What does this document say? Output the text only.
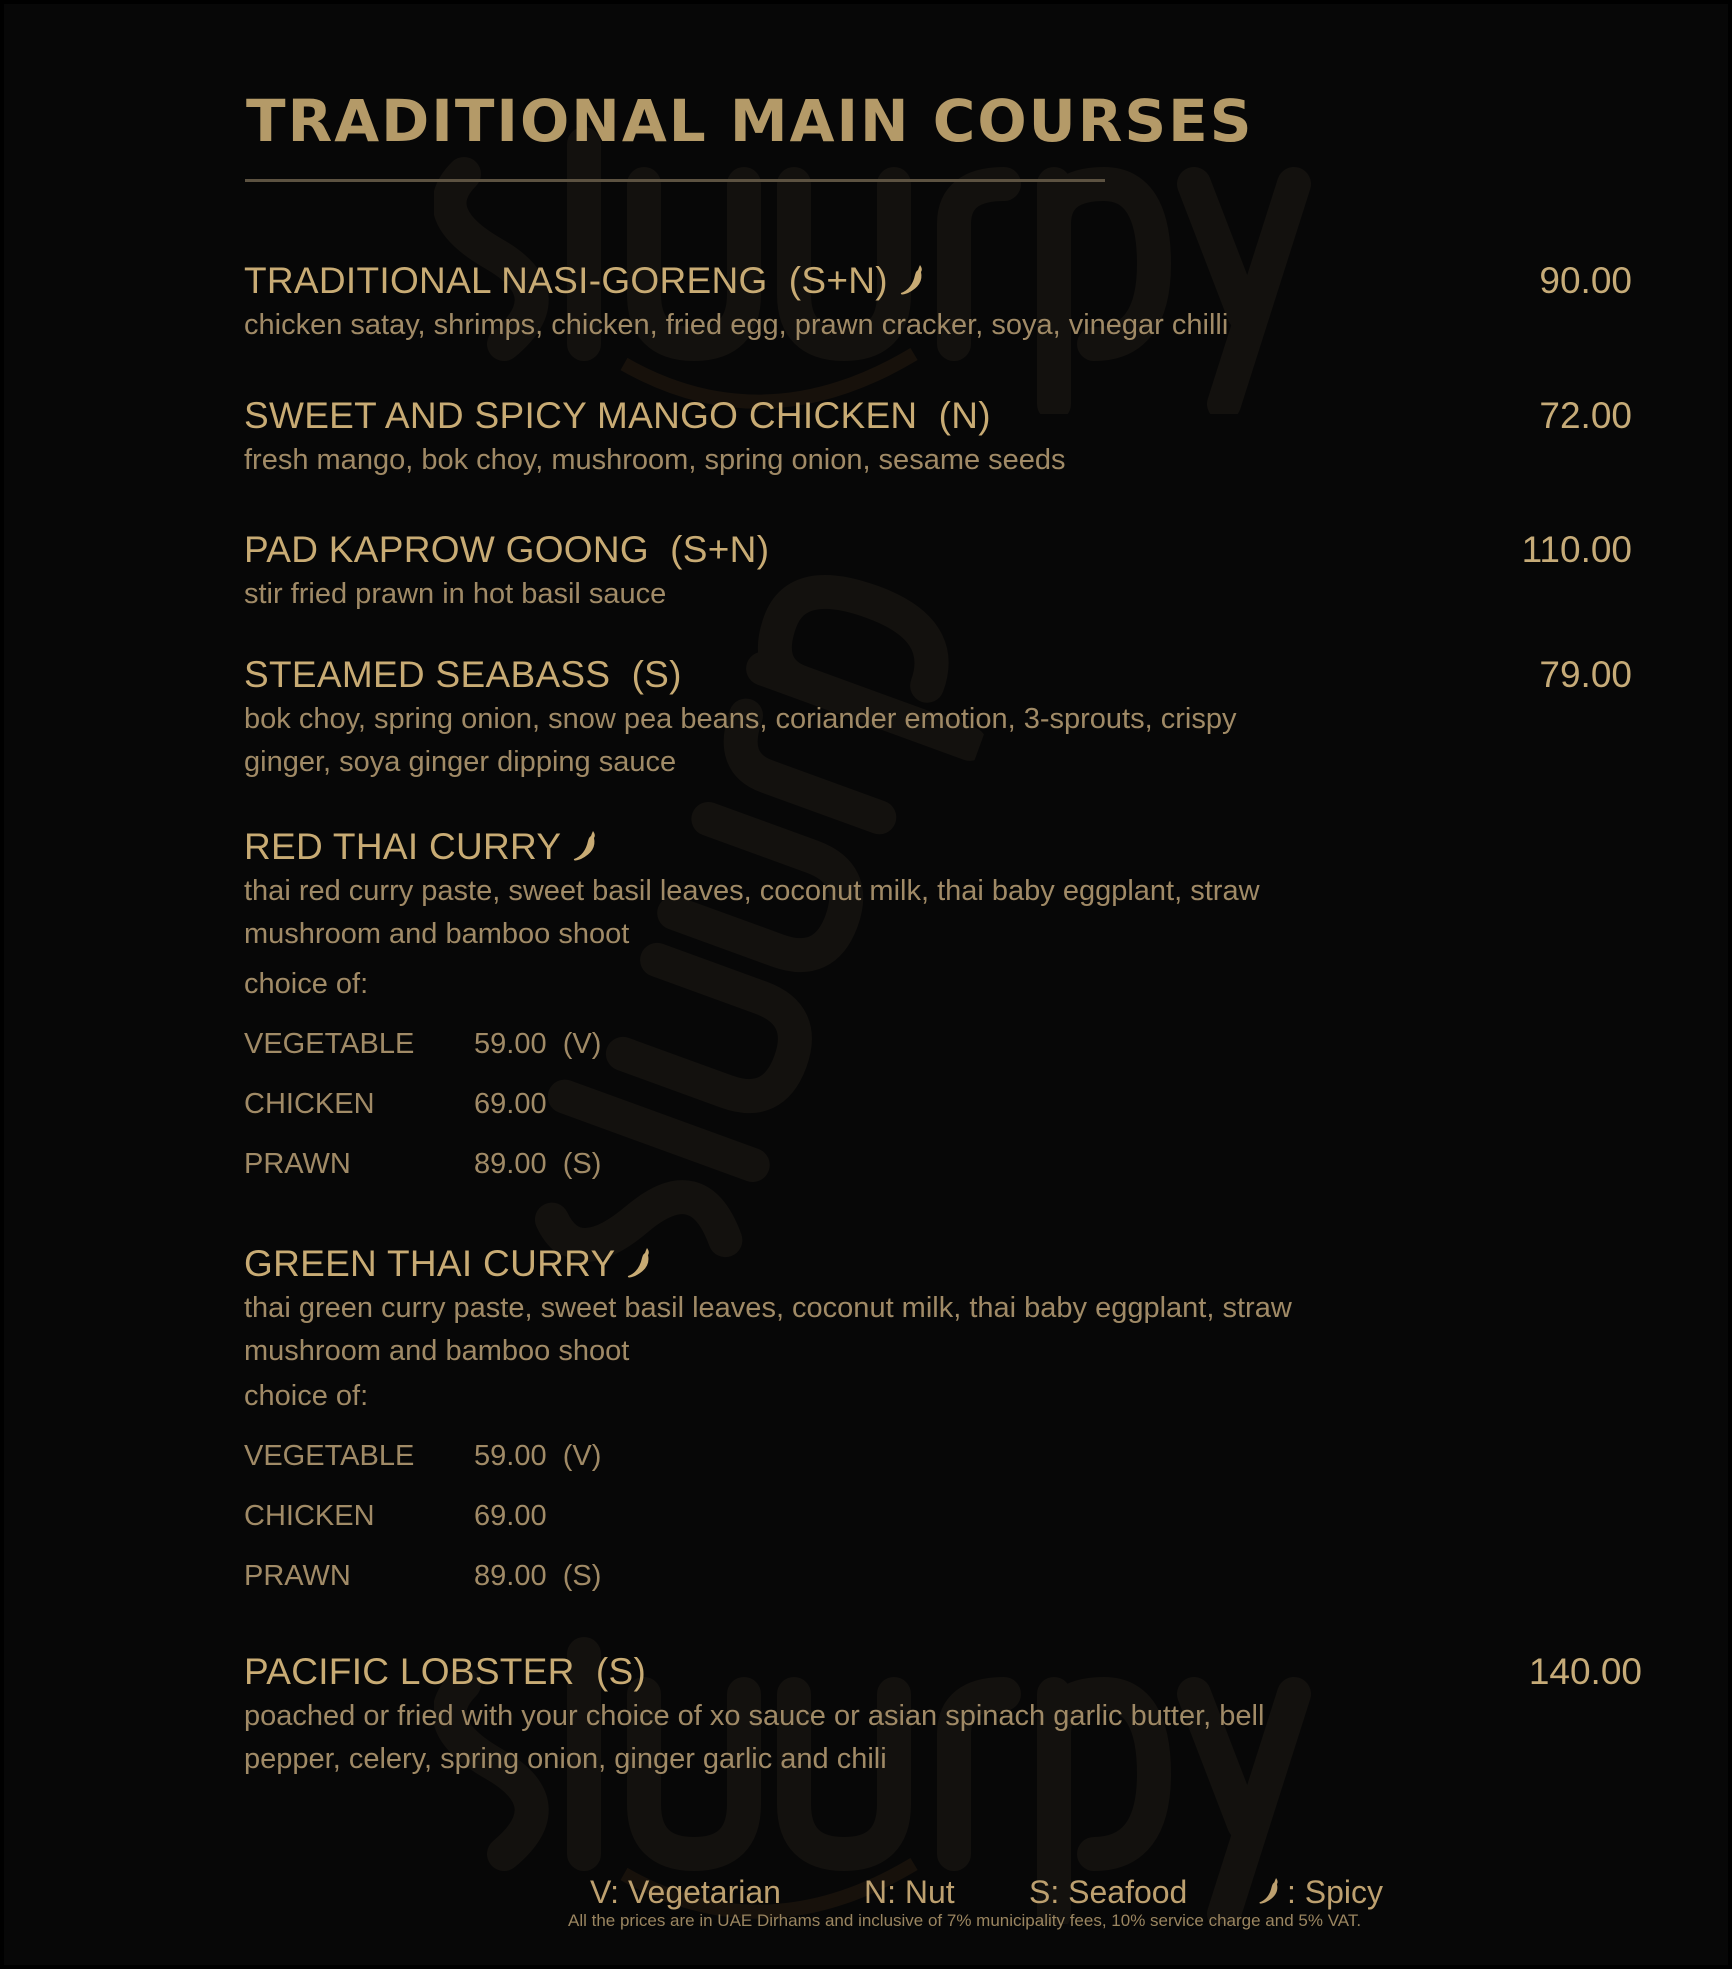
TRADITIONAL MAIN COURSES
TRADITIONAL NASI-GORENG (S+N)	90.00
chicken satay, shrimps, chicken, fried egg, prawn cracker, soya, vinegar chilli
SWEET AND SPICY MANGO CHICKEN (N)	72.00
fresh mango, bok choy, mushroom, spring onion, sesame seeds
PAD KAPROW GOONG (S+N)	110.00
stir fried prawn in hot basil sauce
STEAMED SEABASS (S)	79.00
bok choy, spring onion, snow pea beans, coriander emotion, 3-sprouts, crispy
ginger, soya ginger dipping sauce
RED THAI CURRY
thai red curry paste, sweet basil leaves, coconut milk, thai baby eggplant, straw
mushroom and bamboo shoot
choice of:
VEGETABLE 59.00 (V)
CHICKEN	69.00
PRAWN	89.00 (S)
GREEN THAI CURRY
thai green curry paste, sweet basil leaves, coconut milk, thai baby eggplant, straw
mushroom and bamboo shoot
choice of:
VEGETABLE 59.00 (V)
CHICKEN	69.00
PRAWN	89.00 (S)
PACIFIC LOBSTER (S)	140.00
poached or fried with your choice of xo sauce or asian spinach garlic butter, bell
pepper, celery, spring onion, ginger garlic and chili
V: Vegetarian	N: Nut S: Seafood	: Spicy
All the prices are in UAE Dirhams and inclusive of 7% municipality fees, 10% service charge and 5% VAT.
